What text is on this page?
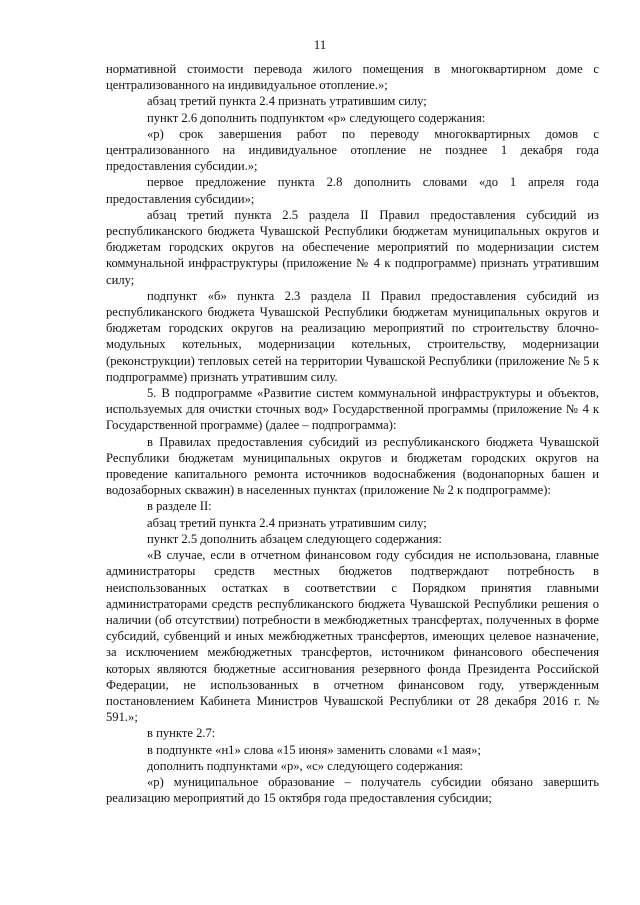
11

нормативной стоимости перевода жилого помещения в многоквартирном доме с централизованного на индивидуальное отопление.»;

абзац третий пункта 2.4 признать утратившим силу;

пункт 2.6 дополнить подпунктом «р» следующего содержания:

«р) срок завершения работ по переводу многоквартирных домов с централизованного на индивидуальное отопление не позднее 1 декабря года предоставления субсидии.»;

первое предложение пункта 2.8 дополнить словами «до 1 апреля года предоставления субсидии»;

абзац третий пункта 2.5 раздела II Правил предоставления субсидий из республиканского бюджета Чувашской Республики бюджетам муниципальных округов и бюджетам городских округов на обеспечение мероприятий по модернизации систем коммунальной инфраструктуры (приложение № 4 к подпрограмме) признать утратившим силу;

подпункт «б» пункта 2.3 раздела II Правил предоставления субсидий из республиканского бюджета Чувашской Республики бюджетам муниципальных округов и бюджетам городских округов на реализацию мероприятий по строительству блочно-модульных котельных, модернизации котельных, строительству, модернизации (реконструкции) тепловых сетей на территории Чувашской Республики (приложение № 5 к подпрограмме) признать утратившим силу.

5. В подпрограмме «Развитие систем коммунальной инфраструктуры и объектов, используемых для очистки сточных вод» Государственной программы (приложение № 4 к Государственной программе) (далее – подпрограмма):

в Правилах предоставления субсидий из республиканского бюджета Чувашской Республики бюджетам муниципальных округов и бюджетам городских округов на проведение капитального ремонта источников водоснабжения (водонапорных башен и водозаборных скважин) в населенных пунктах (приложение № 2 к подпрограмме):

в разделе II:

абзац третий пункта 2.4 признать утратившим силу;

пункт 2.5 дополнить абзацем следующего содержания:

«В случае, если в отчетном финансовом году субсидия не использована, главные администраторы средств местных бюджетов подтверждают потребность в неиспользованных остатках в соответствии с Порядком принятия главными администраторами средств республиканского бюджета Чувашской Республики решения о наличии (об отсутствии) потребности в межбюджетных трансфертах, полученных в форме субсидий, субвенций и иных межбюджетных трансфертов, имеющих целевое назначение, за исключением межбюджетных трансфертов, источником финансового обеспечения которых являются бюджетные ассигнования резервного фонда Президента Российской Федерации, не использованных в отчетном финансовом году, утвержденным постановлением Кабинета Министров Чувашской Республики от 28 декабря 2016 г. № 591.»;

в пункте 2.7:

в подпункте «н1» слова «15 июня» заменить словами «1 мая»;

дополнить подпунктами «р», «с» следующего содержания:

«р) муниципальное образование – получатель субсидии обязано завершить реализацию мероприятий до 15 октября года предоставления субсидии;
